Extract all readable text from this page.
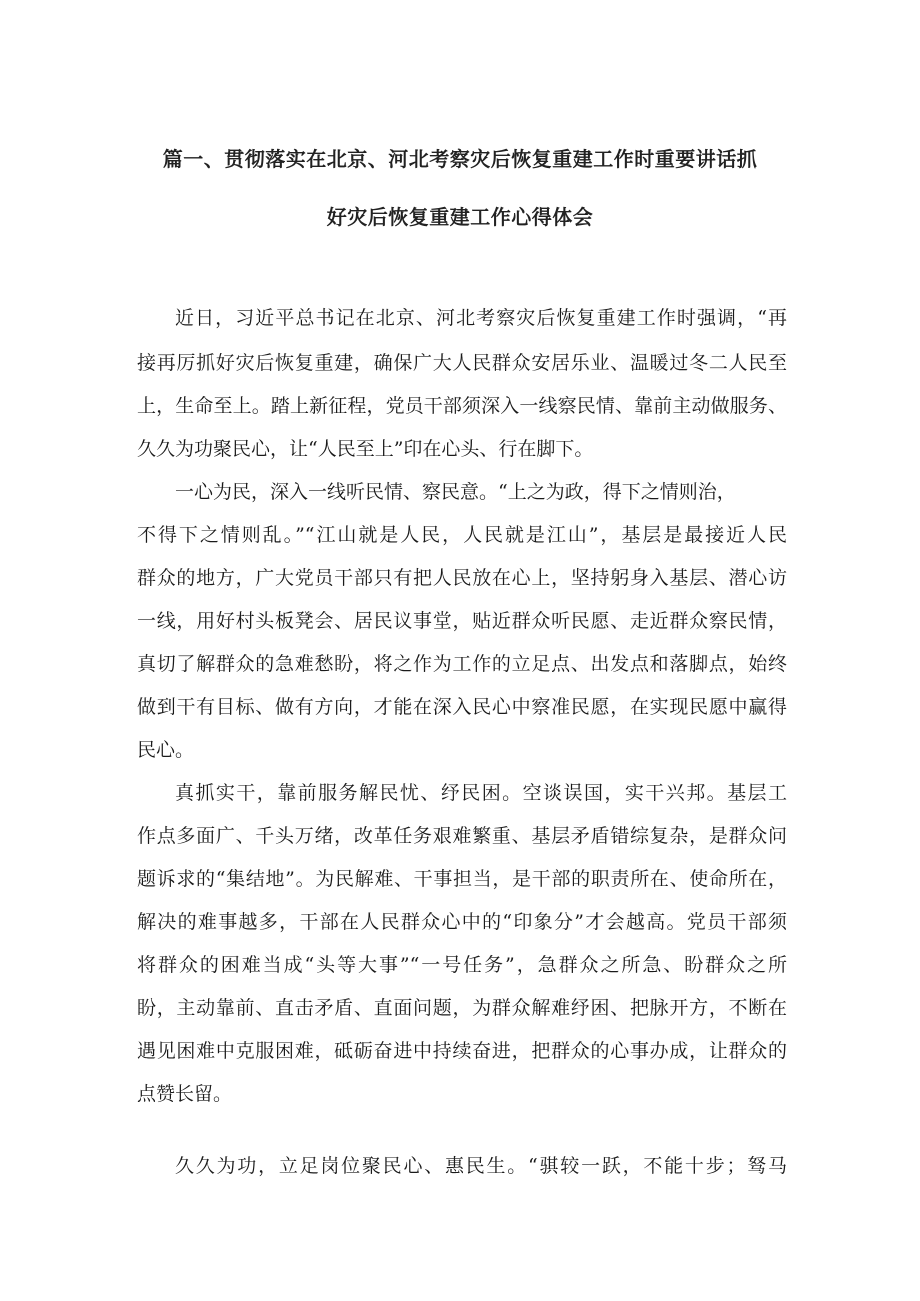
篇一、贯彻落实在北京、河北考察灾后恢复重建工作时重要讲话抓
好灾后恢复重建工作心得体会
近日，习近平总书记在北京、河北考察灾后恢复重建工作时强调，“再
接再厉抓好灾后恢复重建，确保广大人民群众安居乐业、温暖过冬二人民至
上，生命至上。踏上新征程，党员干部须深入一线察民情、靠前主动做服务、
久久为功聚民心，让“人民至上”印在心头、行在脚下。
一心为民，深入一线听民情、察民意。“上之为政，得下之情则治，
不得下之情则乱。”“江山就是人民，人民就是江山”，基层是最接近人民
群众的地方，广大党员干部只有把人民放在心上，坚持躬身入基层、潜心访
一线，用好村头板凳会、居民议事堂，贴近群众听民愿、走近群众察民情，
真切了解群众的急难愁盼，将之作为工作的立足点、出发点和落脚点，始终
做到干有目标、做有方向，才能在深入民心中察准民愿，在实现民愿中赢得
民心。
真抓实干，靠前服务解民忧、纾民困。空谈误国，实干兴邦。基层工
作点多面广、千头万绪，改革任务艰难繁重、基层矛盾错综复杂，是群众问
题诉求的“集结地”。为民解难、干事担当，是干部的职责所在、使命所在，
解决的难事越多，干部在人民群众心中的“印象分”才会越高。党员干部须
将群众的困难当成“头等大事”“一号任务”，急群众之所急、盼群众之所
盼，主动靠前、直击矛盾、直面问题，为群众解难纾困、把脉开方，不断在
遇见困难中克服困难，砥砺奋进中持续奋进，把群众的心事办成，让群众的
点赞长留。
久久为功，立足岗位聚民心、惠民生。“骐较一跃，不能十步；驽马
